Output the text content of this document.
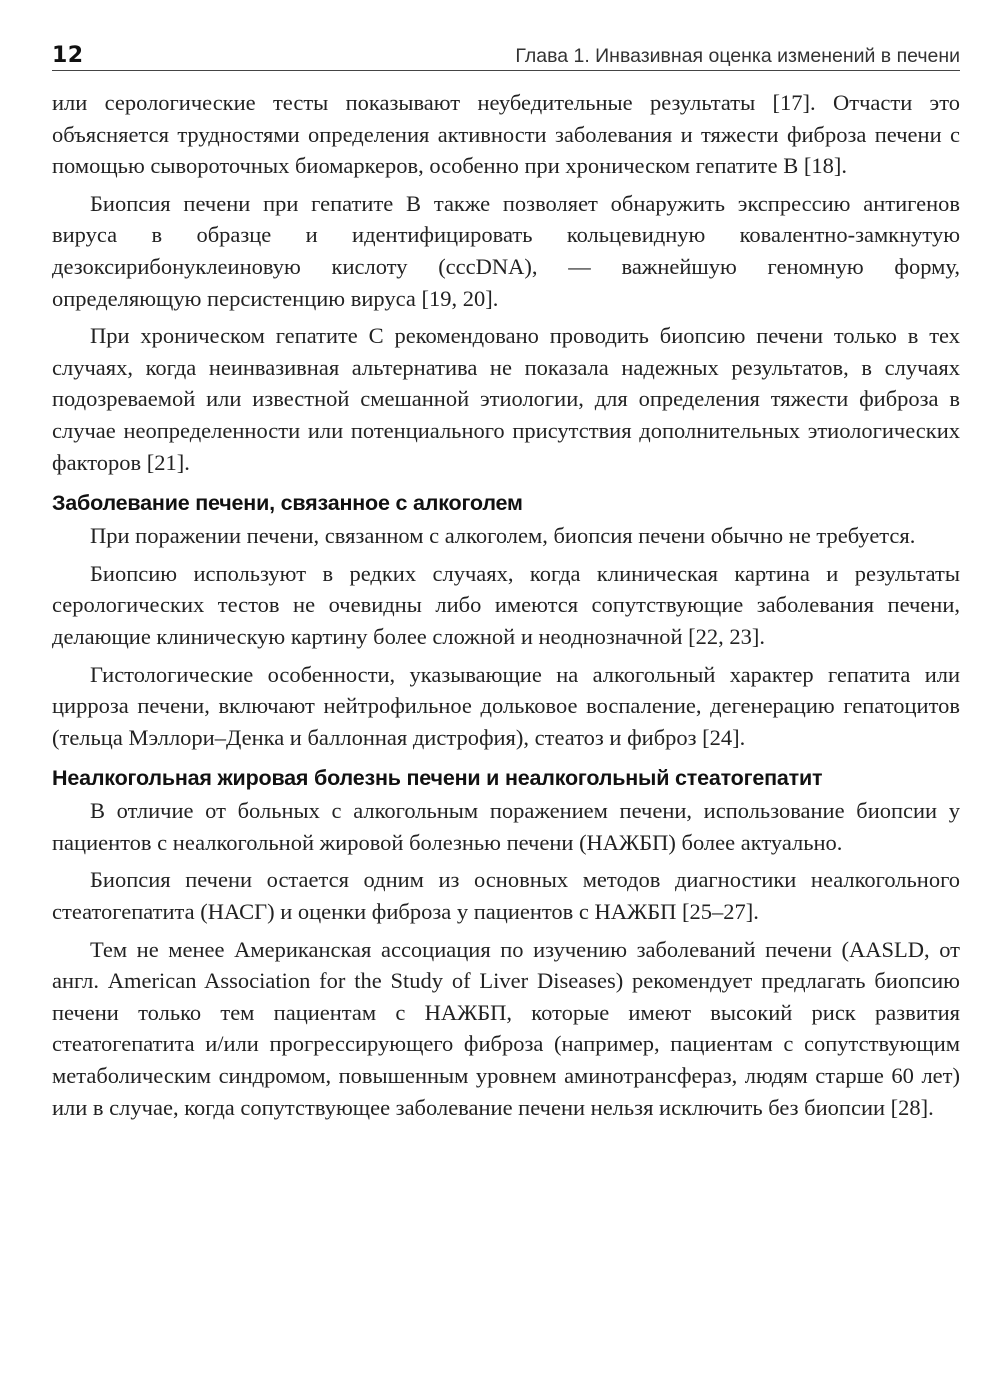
12	Глава 1. Инвазивная оценка изменений в печени

или серологические тесты показывают неубедительные результаты [17]. Отчасти это объясняется трудностями определения активности заболевания и тяжести фиброза печени с помощью сывороточных биомаркеров, особенно при хроническом гепатите В [18].

Биопсия печени при гепатите В также позволяет обнаружить экспрессию антигенов вируса в образце и идентифицировать кольцевидную ковалентно-замкнутую дезоксирибонуклеиновую кислоту (cccDNA), — важнейшую геномную форму, определяющую персистенцию вируса [19, 20].

При хроническом гепатите С рекомендовано проводить биопсию печени только в тех случаях, когда неинвазивная альтернатива не показала надежных результатов, в случаях подозреваемой или известной смешанной этиологии, для определения тяжести фиброза в случае неопределенности или потенциального присутствия дополнительных этиологических факторов [21].

Заболевание печени, связанное с алкоголем

При поражении печени, связанном с алкоголем, биопсия печени обычно не требуется.

Биопсию используют в редких случаях, когда клиническая картина и результаты серологических тестов не очевидны либо имеются сопутствующие заболевания печени, делающие клиническую картину более сложной и неоднозначной [22, 23].

Гистологические особенности, указывающие на алкогольный характер гепатита или цирроза печени, включают нейтрофильное дольковое воспаление, дегенерацию гепатоцитов (тельца Мэллори–Денка и баллонная дистрофия), стеатоз и фиброз [24].

Неалкогольная жировая болезнь печени и неалкогольный стеатогепатит

В отличие от больных с алкогольным поражением печени, использование биопсии у пациентов с неалкогольной жировой болезнью печени (НАЖБП) более актуально.

Биопсия печени остается одним из основных методов диагностики неалкогольного стеатогепатита (НАСГ) и оценки фиброза у пациентов с НАЖБП [25–27].

Тем не менее Американская ассоциация по изучению заболеваний печени (AASLD, от англ. American Association for the Study of Liver Diseases) рекомендует предлагать биопсию печени только тем пациентам с НАЖБП, которые имеют высокий риск развития стеатогепатита и/или прогрессирующего фиброза (например, пациентам с сопутствующим метаболическим синдромом, повышенным уровнем аминотрансфераз, людям старше 60 лет) или в случае, когда сопутствующее заболевание печени нельзя исключить без биопсии [28].
